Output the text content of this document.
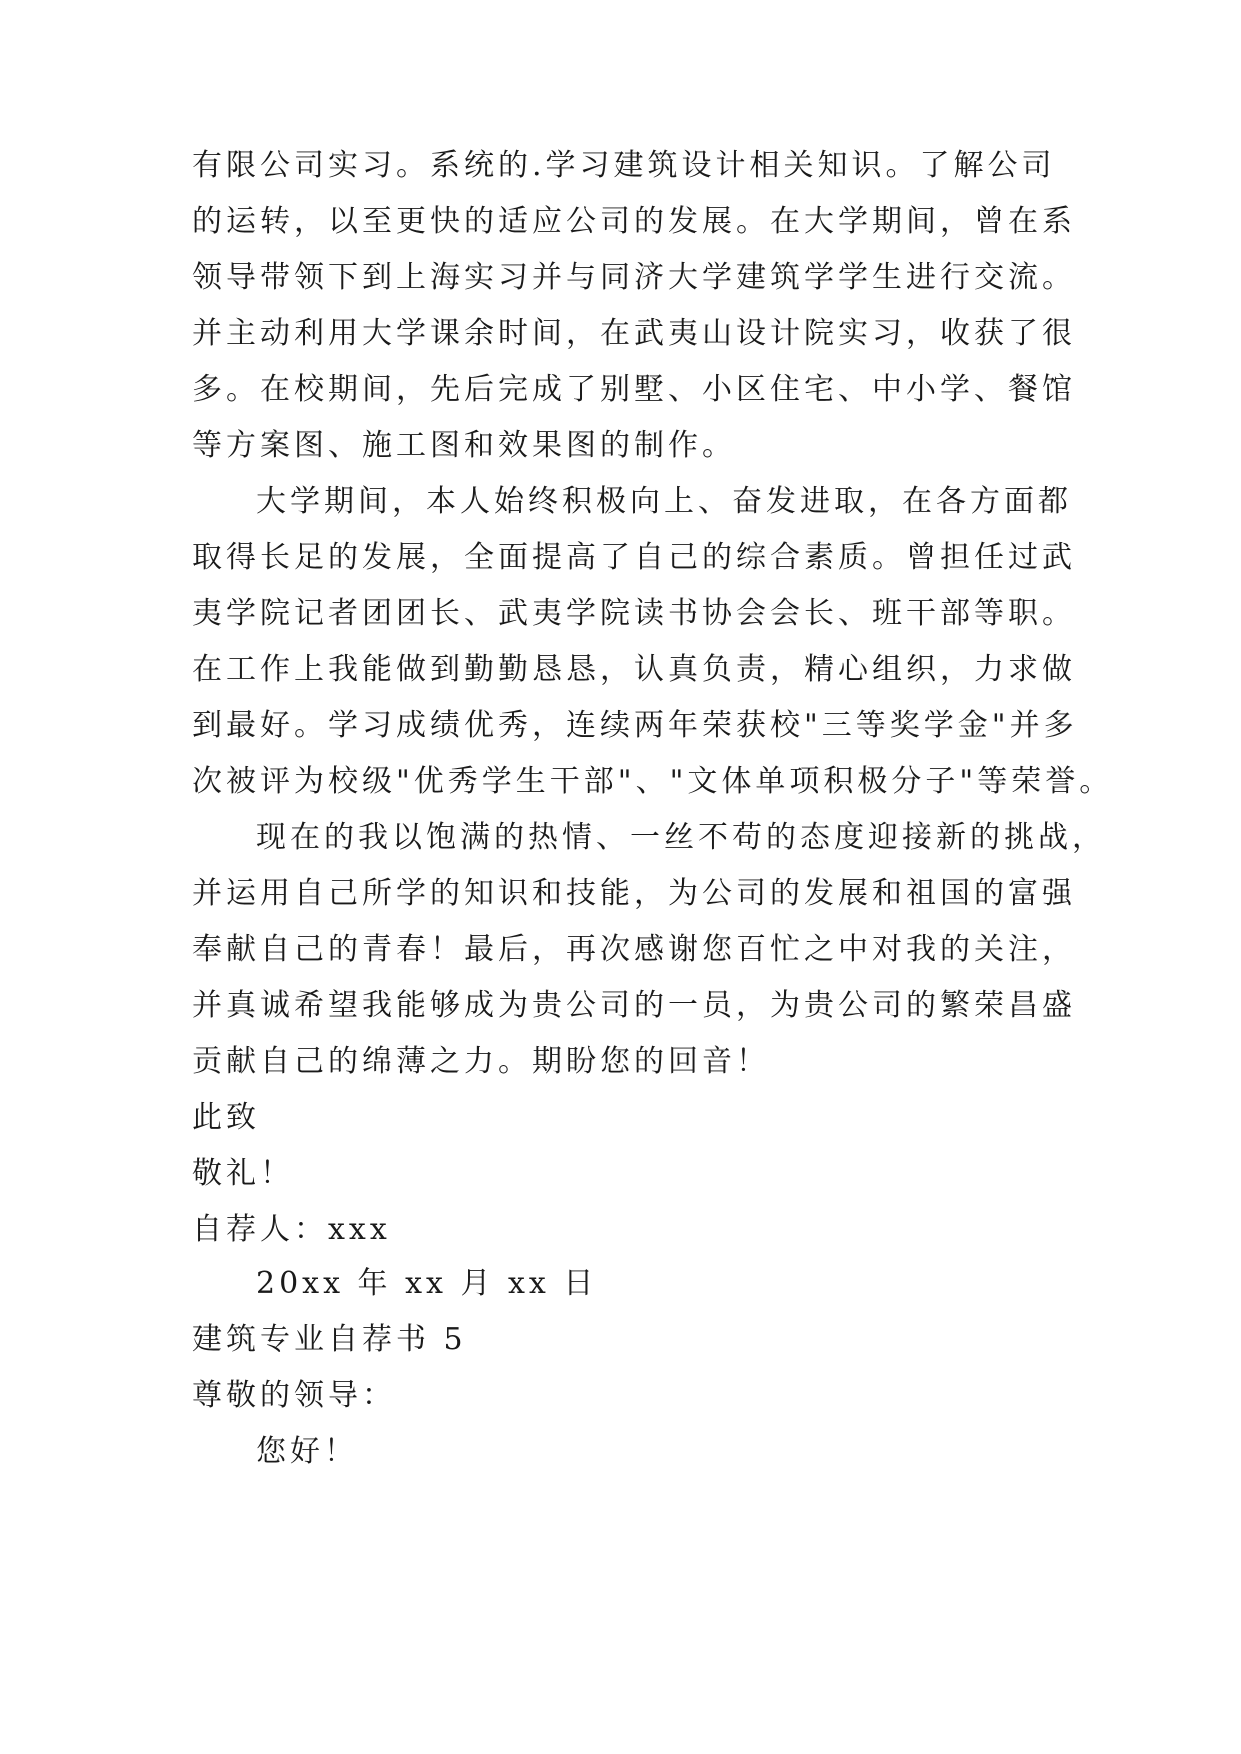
有限公司实习。系统的.学习建筑设计相关知识。了解公司
的运转，以至更快的适应公司的发展。在大学期间，曾在系
领导带领下到上海实习并与同济大学建筑学学生进行交流。
并主动利用大学课余时间，在武夷山设计院实习，收获了很
多。在校期间，先后完成了别墅、小区住宅、中小学、餐馆
等方案图、施工图和效果图的制作。
大学期间，本人始终积极向上、奋发进取，在各方面都
取得长足的发展，全面提高了自己的综合素质。曾担任过武
夷学院记者团团长、武夷学院读书协会会长、班干部等职。
在工作上我能做到勤勤恳恳，认真负责，精心组织，力求做
到最好。学习成绩优秀，连续两年荣获校"三等奖学金"并多
次被评为校级"优秀学生干部"、"文体单项积极分子"等荣誉。
现在的我以饱满的热情、一丝不苟的态度迎接新的挑战，
并运用自己所学的知识和技能，为公司的发展和祖国的富强
奉献自己的青春！最后，再次感谢您百忙之中对我的关注，
并真诚希望我能够成为贵公司的一员，为贵公司的繁荣昌盛
贡献自己的绵薄之力。期盼您的回音！
此致
敬礼！
自荐人：xxx
20xx 年 xx 月 xx 日
建筑专业自荐书 5
尊敬的领导：
您好！
